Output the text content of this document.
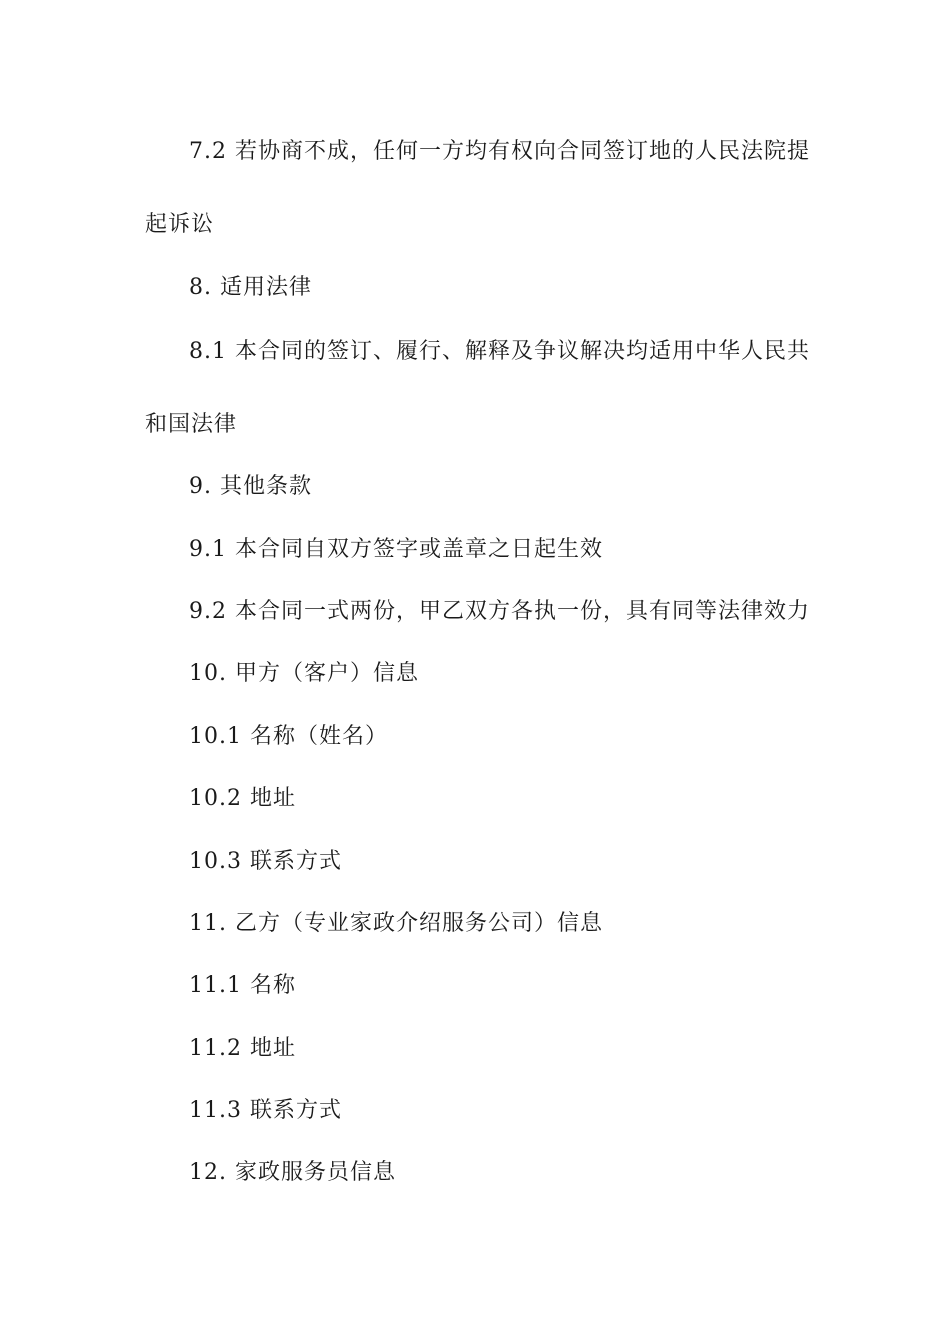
7.2 若协商不成，任何一方均有权向合同签订地的人民法院提
起诉讼
8. 适用法律
8.1 本合同的签订、履行、解释及争议解决均适用中华人民共
和国法律
9. 其他条款
9.1 本合同自双方签字或盖章之日起生效
9.2 本合同一式两份，甲乙双方各执一份，具有同等法律效力
10. 甲方（客户）信息
10.1 名称（姓名）
10.2 地址
10.3 联系方式
11. 乙方（专业家政介绍服务公司）信息
11.1 名称
11.2 地址
11.3 联系方式
12. 家政服务员信息
